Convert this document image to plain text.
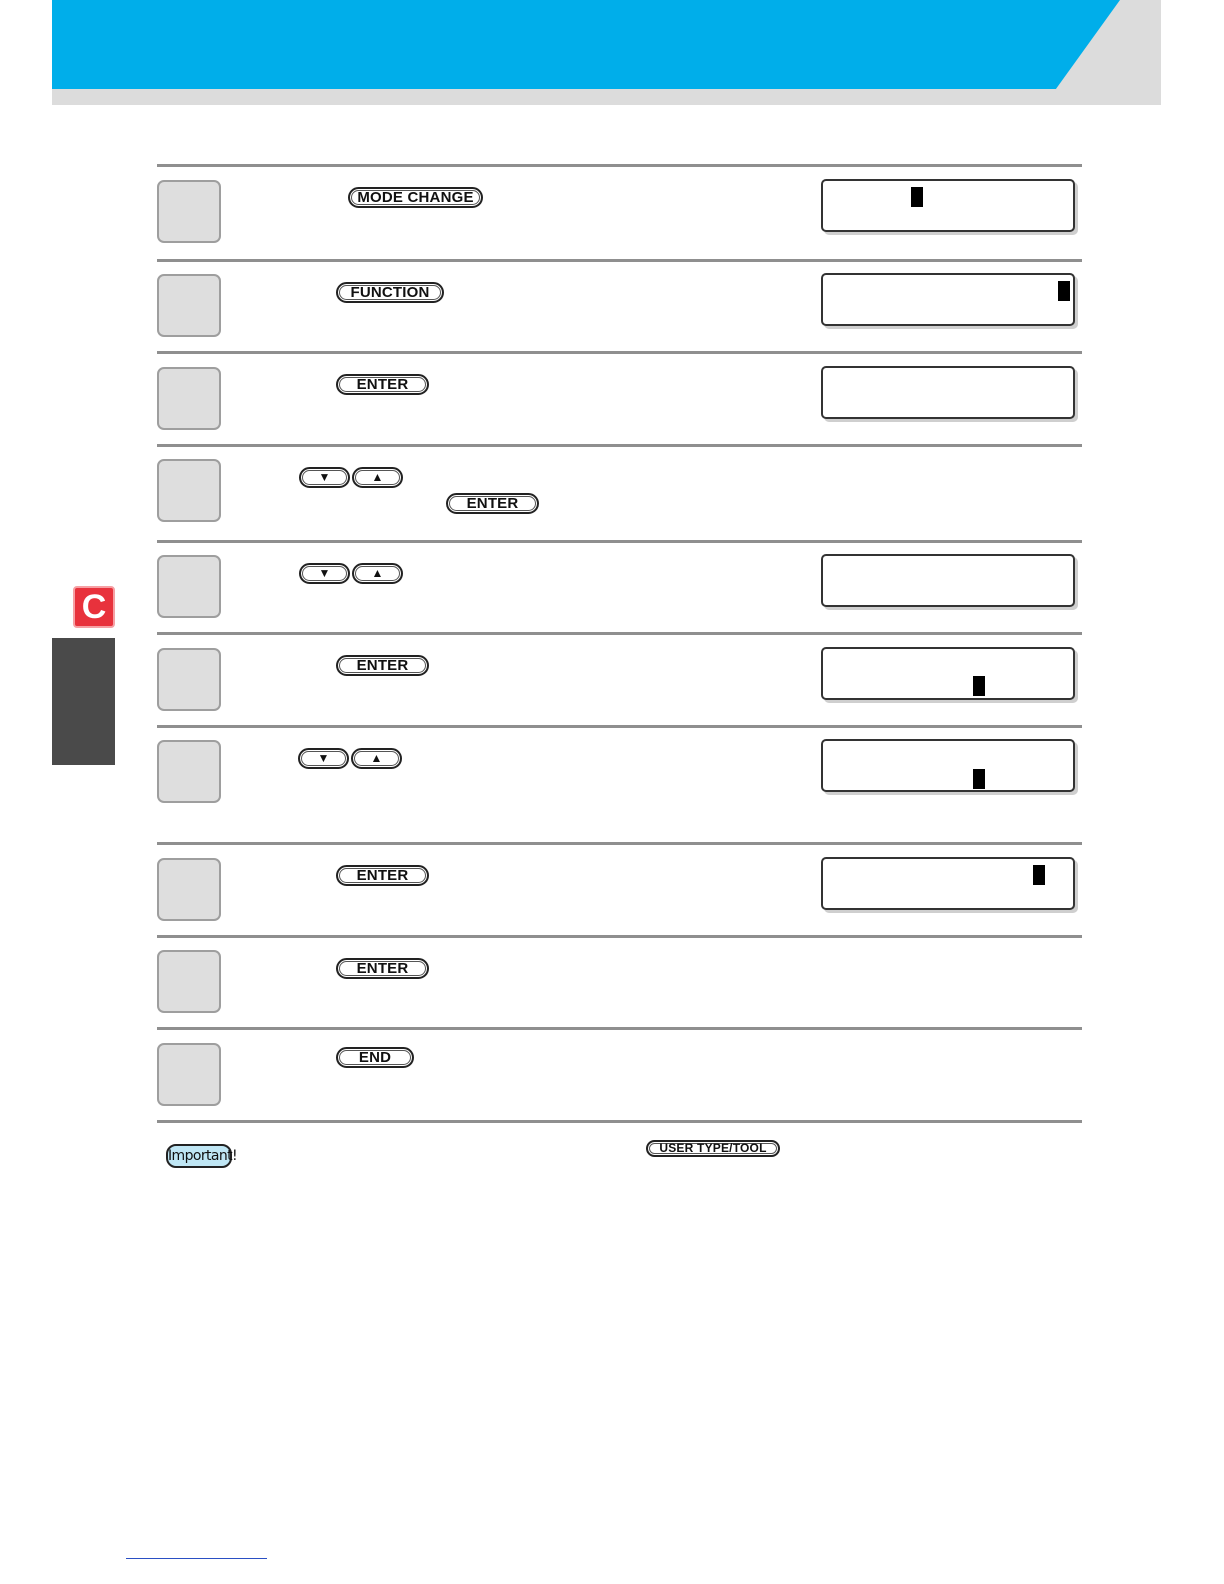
C
MODE CHANGE
FUNCTION
ENTER
▼	▲
ENTER
▼	▲
ENTER
▼	▲
ENTER
ENTER
END
Important!	USER TYPE/TOOL
